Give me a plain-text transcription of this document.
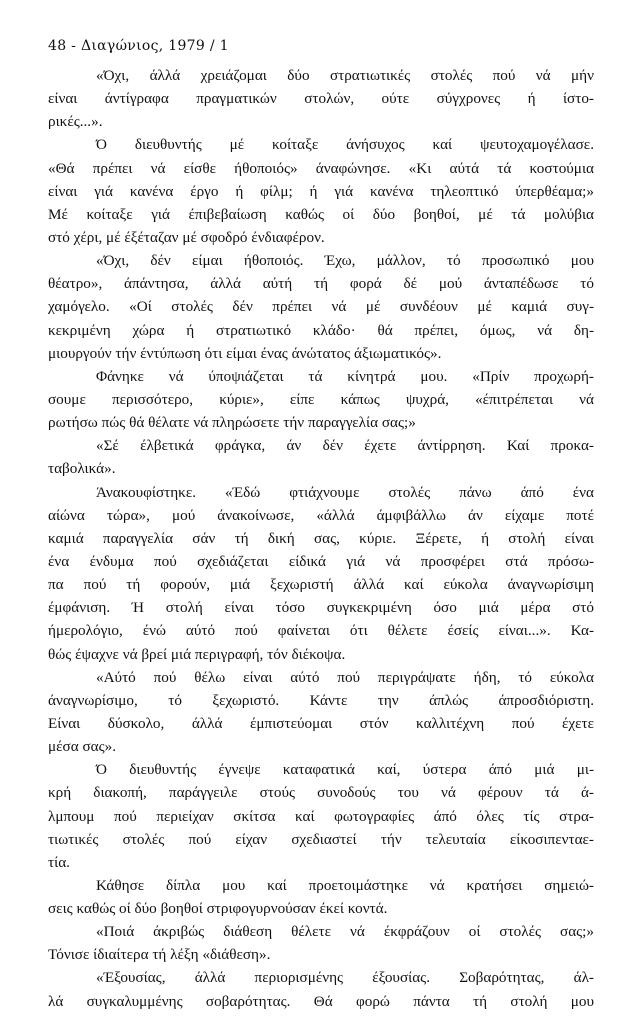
48 - Διαγώνιος, 1979 / 1
«Όχι, άλλά χρειάζομαι δύο στρατιωτικές στολές πού νά μήν
είναι άντίγραφα πραγματικών στολών, ούτε σύγχρονες ή ίστο-
ρικές...».
Ό διευθυντής μέ κοίταξε άνήσυχος καί ψευτοχαμογέλασε.
«Θά πρέπει νά είσθε ήθοποιός» άναφώνησε. «Κι αύτά τά κοστούμια
είναι γιά κανένα έργο ή φίλμ; ή γιά κανένα τηλεοπτικό ύπερθέαμα;»
Μέ κοίταξε γιά έπιβεβαίωση καθώς οί δύο βοηθοί, μέ τά μολύβια
στό χέρι, μέ έξέταζαν μέ σφοδρό ένδιαφέρον.
«Όχι, δέν είμαι ήθοποιός. Έχω, μάλλον, τό προσωπικό μου
θέατρο», άπάντησα, άλλά αύτή τή φορά δέ μού άνταπέδωσε τό
χαμόγελο. «Οί στολές δέν πρέπει νά μέ συνδέουν μέ καμιά συγ-
κεκριμένη χώρα ή στρατιωτικό κλάδο· θά πρέπει, όμως, νά δη-
μιουργούν τήν έντύπωση ότι είμαι ένας άνώτατος άξιωματικός».
Φάνηκε νά ύποψιάζεται τά κίνητρά μου. «Πρίν προχωρή-
σουμε περισσότερο, κύριε», είπε κάπως ψυχρά, «έπιτρέπεται νά
ρωτήσω πώς θά θέλατε νά πληρώσετε τήν παραγγελία σας;»
«Σέ έλβετικά φράγκα, άν δέν έχετε άντίρρηση. Καί προκα-
ταβολικά».
Άνακουφίστηκε. «Έδώ φτιάχνουμε στολές πάνω άπό ένα
αίώνα τώρα», μού άνακοίνωσε, «άλλά άμφιβάλλω άν είχαμε ποτέ
καμιά παραγγελία σάν τή δική σας, κύριε. Ξέρετε, ή στολή είναι
ένα ένδυμα πού σχεδιάζεται είδικά γιά νά προσφέρει στά πρόσω-
πα πού τή φορούν, μιά ξεχωριστή άλλά καί εύκολα άναγνωρίσιμη
έμφάνιση. Ή στολή είναι τόσο συγκεκριμένη όσο μιά μέρα στό
ήμερολόγιο, ένώ αύτό πού φαίνεται ότι θέλετε έσείς είναι...». Κα-
θώς έψαχνε νά βρεί μιά περιγραφή, τόν διέκοψα.
«Αύτό πού θέλω είναι αύτό πού περιγράψατε ήδη, τό εύκολα
άναγνωρίσιμο, τό ξεχωριστό. Κάντε την άπλώς άπροσδιόριστη.
Είναι δύσκολο, άλλά έμπιστεύομαι στόν καλλιτέχνη πού έχετε
μέσα σας».
Ό διευθυντής έγνεψε καταφατικά καί, ύστερα άπό μιά μι-
κρή διακοπή, παράγγειλε στούς συνοδούς του νά φέρουν τά ά-
λμπουμ πού περιείχαν σκίτσα καί φωτογραφίες άπό όλες τίς στρα-
τιωτικές στολές πού είχαν σχεδιαστεί τήν τελευταία είκοσιπενταε-
τία.
Κάθησε δίπλα μου καί προετοιμάστηκε νά κρατήσει σημειώ-
σεις καθώς οί δύο βοηθοί στριφογυρνούσαν έκεί κοντά.
«Ποιά άκριβώς διάθεση θέλετε νά έκφράζουν οί στολές σας;»
Τόνισε ίδιαίτερα τή λέξη «διάθεση».
«Έξουσίας, άλλά περιορισμένης έξουσίας. Σοβαρότητας, άλ-
λά συγκαλυμμένης σοβαρότητας. Θά φορώ πάντα τή στολή μου
